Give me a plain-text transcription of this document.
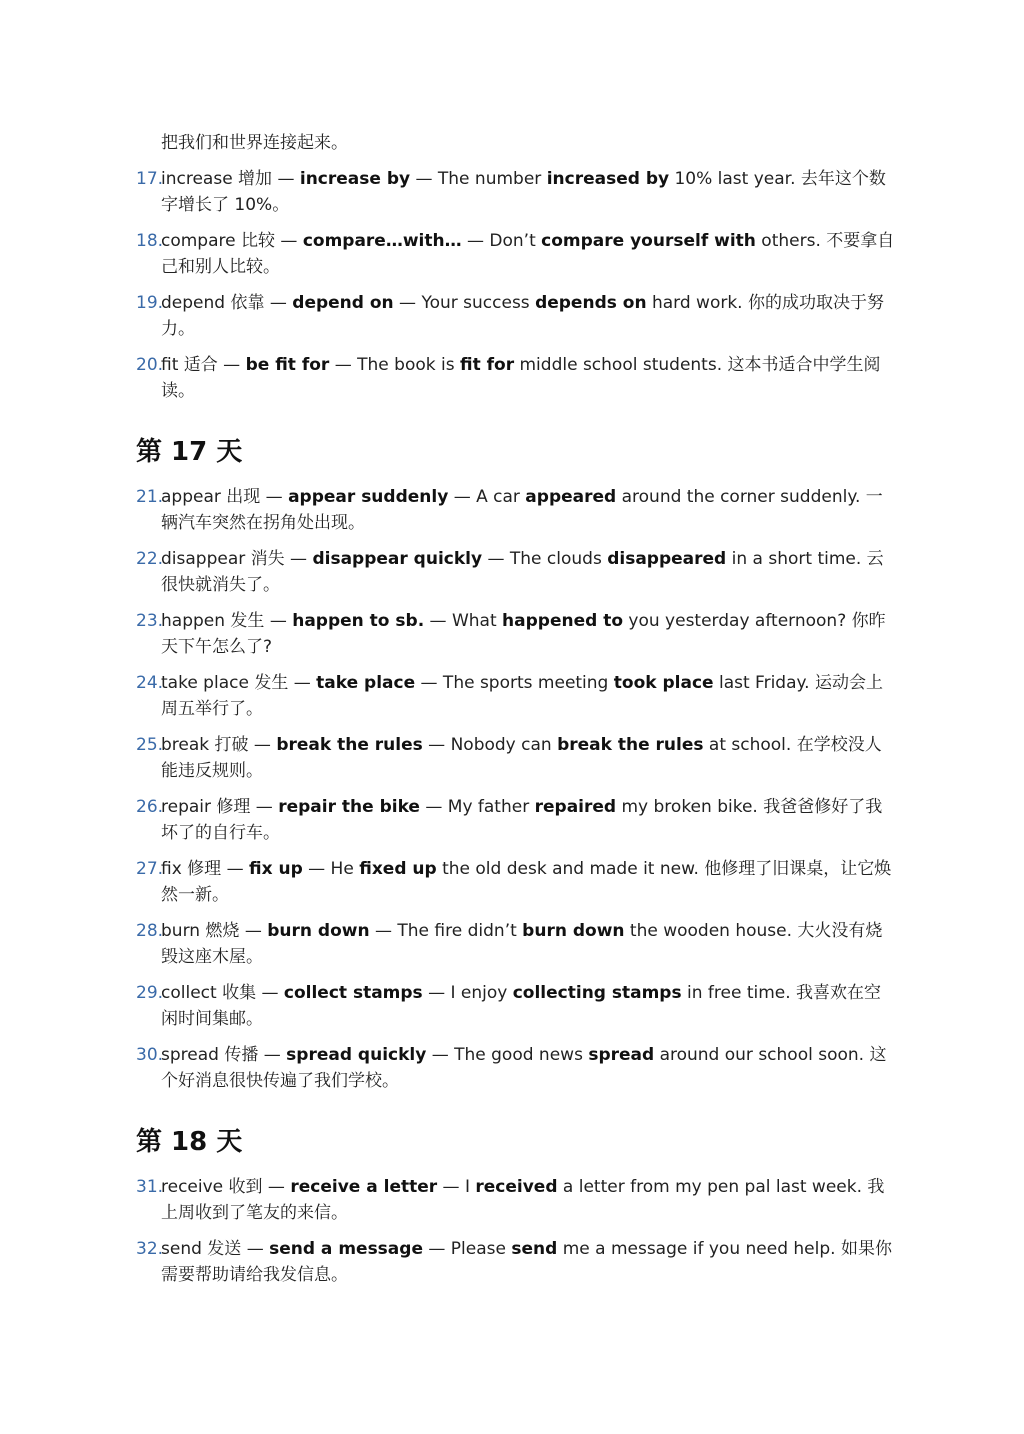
把我们和世界连接起来。
17.
increase 增加 — increase by — The number increased by 10% last year. 去年这个数字增长了 10%。
18.
compare 比较 — compare…with… — Don’t compare yourself with others. 不要拿自己和别人比较。
19.
depend 依靠 — depend on — Your success depends on hard work. 你的成功取决于努力。
20.
fit 适合 — be fit for — The book is fit for middle school students. 这本书适合中学生阅读。
第 17 天
21.
appear 出现 — appear suddenly — A car appeared around the corner suddenly. 一辆汽车突然在拐角处出现。
22.
disappear 消失 — disappear quickly — The clouds disappeared in a short time. 云很快就消失了。
23.
happen 发生 — happen to sb. — What happened to you yesterday afternoon? 你昨天下午怎么了?
24.
take place 发生 — take place — The sports meeting took place last Friday. 运动会上周五举行了。
25.
break 打破 — break the rules — Nobody can break the rules at school. 在学校没人能违反规则。
26.
repair 修理 — repair the bike — My father repaired my broken bike. 我爸爸修好了我坏了的自行车。
27.
fix 修理 — fix up — He fixed up the old desk and made it new. 他修理了旧课桌，让它焕然一新。
28.
burn 燃烧 — burn down — The fire didn’t burn down the wooden house. 大火没有烧毁这座木屋。
29.
collect 收集 — collect stamps — I enjoy collecting stamps in free time. 我喜欢在空闲时间集邮。
30.
spread 传播 — spread quickly — The good news spread around our school soon. 这个好消息很快传遍了我们学校。
第 18 天
31.
receive 收到 — receive a letter — I received a letter from my pen pal last week. 我上周收到了笔友的来信。
32.
send 发送 — send a message — Please send me a message if you need help. 如果你需要帮助请给我发信息。
